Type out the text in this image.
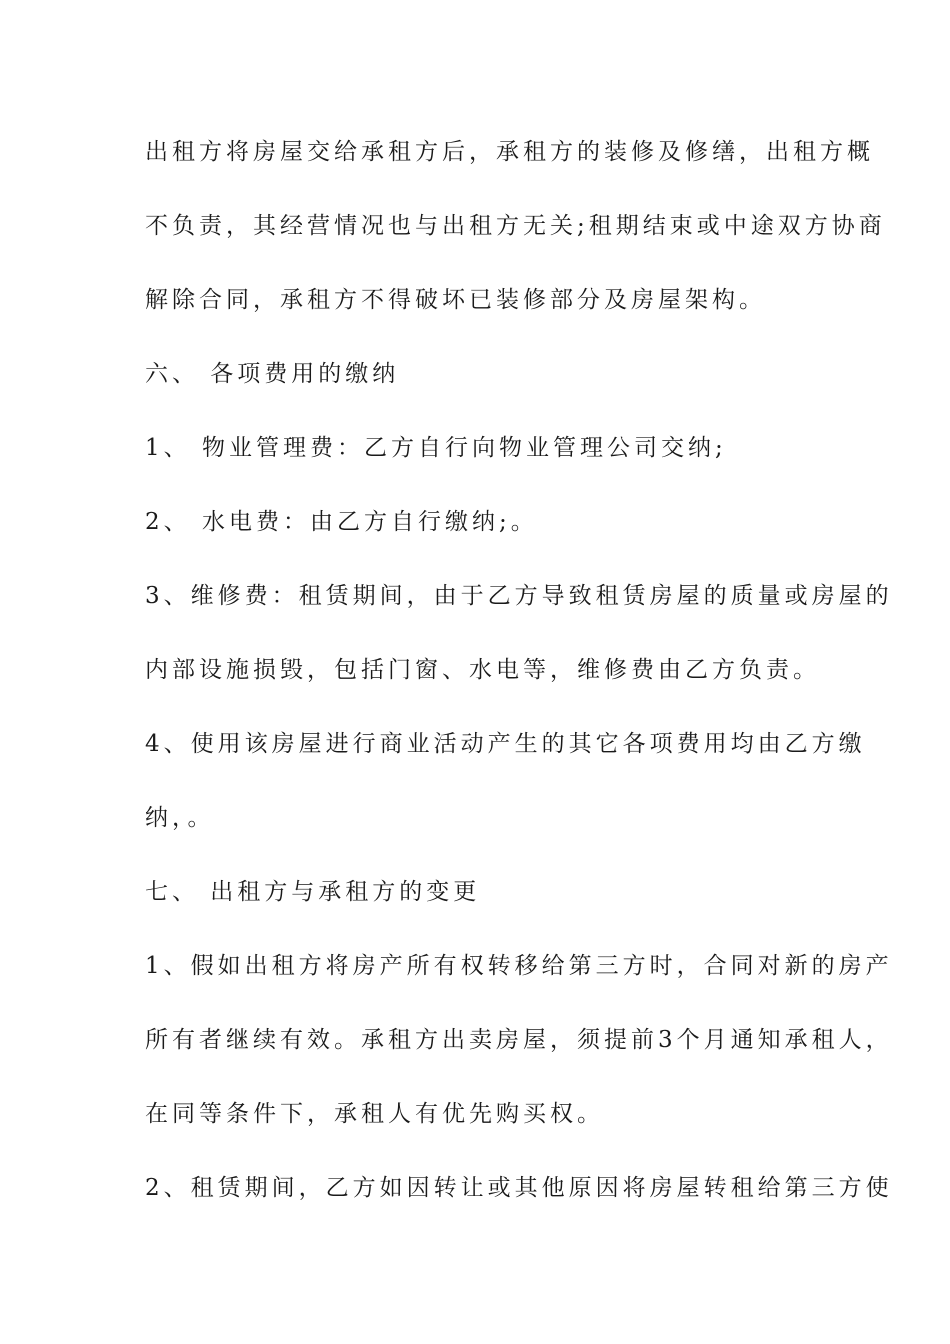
出租方将房屋交给承租方后，承租方的装修及修缮，出租方概
不负责，其经营情况也与出租方无关;租期结束或中途双方协商
解除合同，承租方不得破坏已装修部分及房屋架构。
六、 各项费用的缴纳
1、 物业管理费：乙方自行向物业管理公司交纳;
2、 水电费：由乙方自行缴纳;。
3、维修费：租赁期间，由于乙方导致租赁房屋的质量或房屋的
内部设施损毁，包括门窗、水电等，维修费由乙方负责。
4、使用该房屋进行商业活动产生的其它各项费用均由乙方缴
纳，。
七、 出租方与承租方的变更
1、假如出租方将房产所有权转移给第三方时，合同对新的房产
所有者继续有效。承租方出卖房屋，须提前3个月通知承租人，
在同等条件下，承租人有优先购买权。
2、租赁期间，乙方如因转让或其他原因将房屋转租给第三方使
